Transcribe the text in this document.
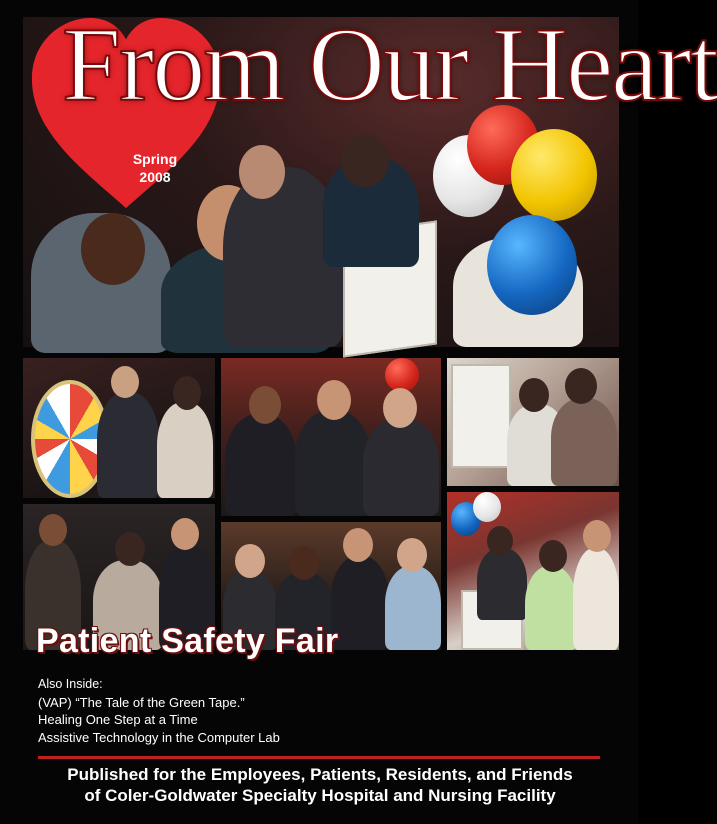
From Our Heart
Spring
2008
Patient Safety Fair
Also Inside:
(VAP) “The Tale of the Green Tape.”
Healing One Step at a Time
Assistive Technology in the Computer Lab
Published for the Employees, Patients, Residents, and Friends
of Coler-Goldwater Specialty Hospital and Nursing Facility
